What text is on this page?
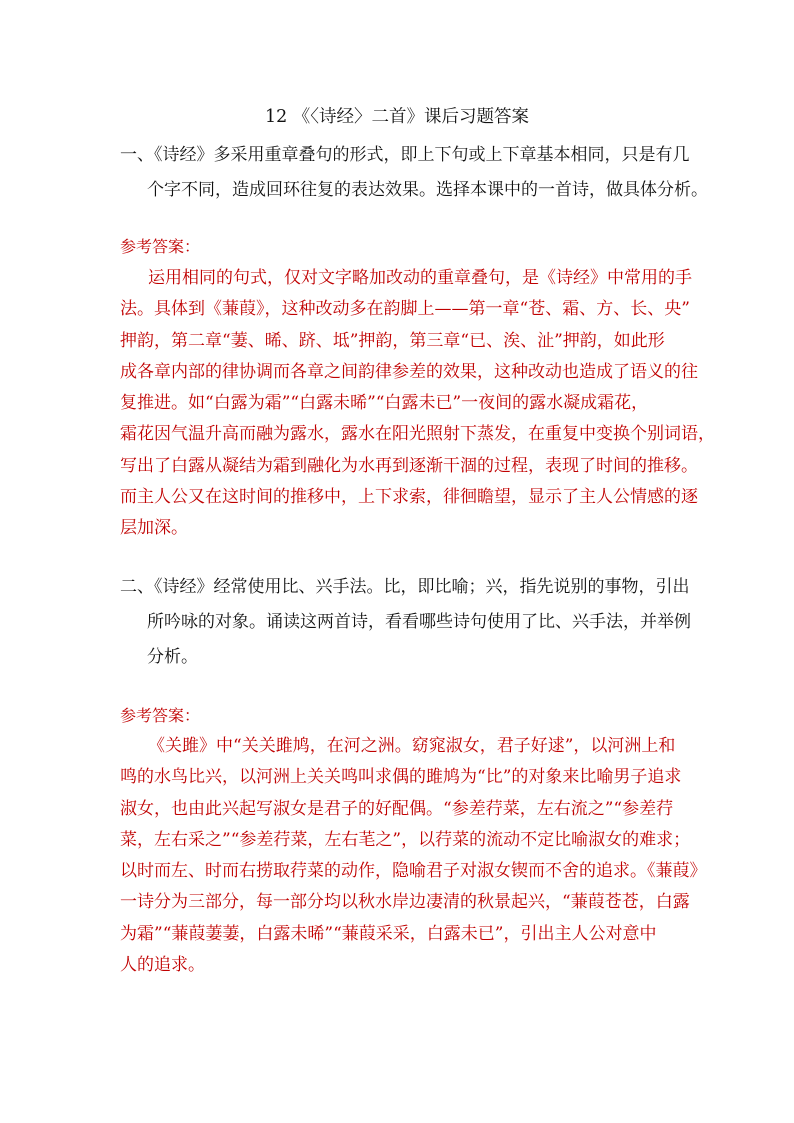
12 《〈诗经〉二首》课后习题答案
一、《诗经》多采用重章叠句的形式，即上下句或上下章基本相同，只是有几
个字不同，造成回环往复的表达效果。选择本课中的一首诗，做具体分析。
参考答案：
运用相同的句式，仅对文字略加改动的重章叠句，是《诗经》中常用的手
法。具体到《蒹葭》，这种改动多在韵脚上——第一章“苍、霜、方、长、央”
押韵，第二章“萋、晞、跻、坻”押韵，第三章“已、涘、沚”押韵，如此形
成各章内部的律协调而各章之间韵律参差的效果，这种改动也造成了语义的往
复推进。如“白露为霜”“白露未晞”“白露未已”一夜间的露水凝成霜花，
霜花因气温升高而融为露水，露水在阳光照射下蒸发，在重复中变换个别词语，
写出了白露从凝结为霜到融化为水再到逐渐干涸的过程，表现了时间的推移。
而主人公又在这时间的推移中，上下求索，徘徊瞻望，显示了主人公情感的逐
层加深。
二、《诗经》经常使用比、兴手法。比，即比喻；兴，指先说别的事物，引出
所吟咏的对象。诵读这两首诗，看看哪些诗句使用了比、兴手法，并举例
分析。
参考答案：
《关雎》中“关关雎鸠，在河之洲。窈窕淑女，君子好逑”，以河洲上和
鸣的水鸟比兴，以河洲上关关鸣叫求偶的雎鸠为“比”的对象来比喻男子追求
淑女，也由此兴起写淑女是君子的好配偶。“参差荇菜，左右流之”“参差荇
菜，左右采之”“参差荇菜，左右芼之”，以荇菜的流动不定比喻淑女的难求；
以时而左、时而右捞取荇菜的动作，隐喻君子对淑女锲而不舍的追求。《蒹葭》
一诗分为三部分，每一部分均以秋水岸边凄清的秋景起兴，“蒹葭苍苍，白露
为霜”“蒹葭萋萋，白露未晞”“蒹葭采采，白露未已”，引出主人公对意中
人的追求。
